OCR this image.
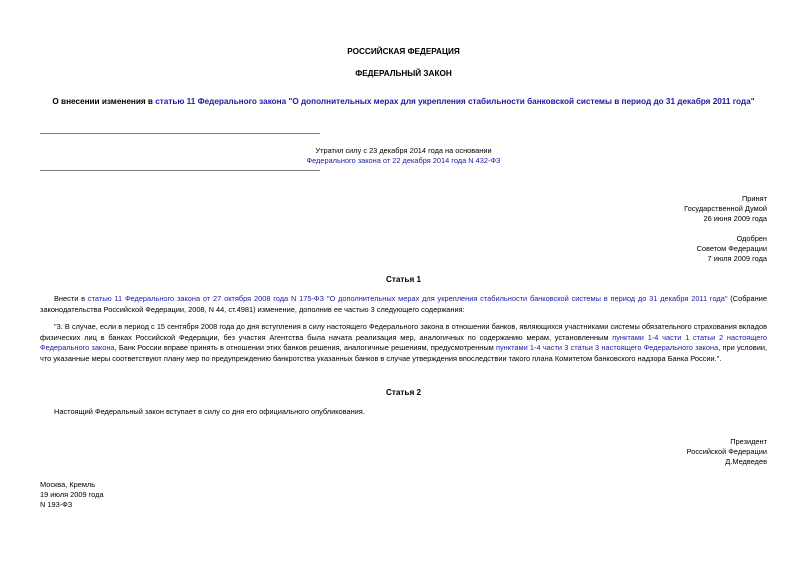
РОССИЙСКАЯ ФЕДЕРАЦИЯ
ФЕДЕРАЛЬНЫЙ ЗАКОН
О внесении изменения в статью 11 Федерального закона "О дополнительных мерах для укрепления стабильности банковской системы в период до 31 декабря 2011 года"
Утратил силу с 23 декабря 2014 года на основании
Федерального закона от 22 декабря 2014 года N 432-ФЗ
Принят
Государственной Думой
26 июня 2009 года
Одобрен
Советом Федерации
7 июля 2009 года
Статья 1
Внести в статью 11 Федерального закона от 27 октября 2008 года N 175-ФЗ "О дополнительных мерах для укрепления стабильности банковской системы в период до 31 декабря 2011 года" (Собрание законодательства Российской Федерации, 2008, N 44, ст.4981) изменение, дополнив ее частью 3 следующего содержания:
"3. В случае, если в период с 15 сентября 2008 года до дня вступления в силу настоящего Федерального закона в отношении банков, являющихся участниками системы обязательного страхования вкладов физических лиц в банках Российской Федерации, без участия Агентства была начата реализация мер, аналогичных по содержанию мерам, установленным пунктами 1-4 части 1 статьи 2 настоящего Федерального закона, Банк России вправе принять в отношении этих банков решения, аналогичные решениям, предусмотренным пунктами 1-4 части 3 статьи 3 настоящего Федерального закона, при условии, что указанные меры соответствуют плану мер по предупреждению банкротства указанных банков в случае утверждения впоследствии такого плана Комитетом банковского надзора Банка России.".
Статья 2
Настоящий Федеральный закон вступает в силу со дня его официального опубликования.
Президент
Российской Федерации
Д.Медведев
Москва, Кремль
19 июля 2009 года
N 193-ФЗ
